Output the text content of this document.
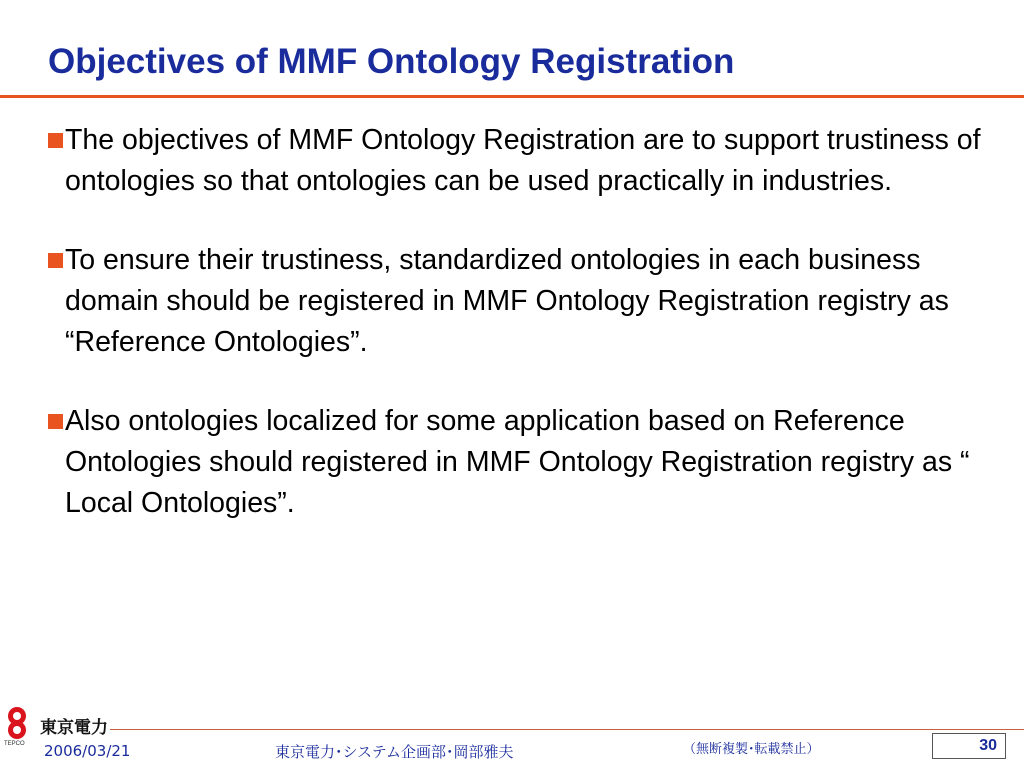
Objectives of MMF Ontology Registration
The objectives of MMF Ontology Registration are to support trustiness of ontologies so that ontologies can be used practically in industries.
To ensure their trustiness, standardized ontologies in each business domain should be registered in MMF Ontology Registration registry as “Reference Ontologies”.
Also ontologies localized for some application based on Reference Ontologies should registered in MMF Ontology Registration registry as “ Local Ontologies”.
東京電力
TEPCO 2006/03/21	東京電力･システム企画部･岡部雅夫	（無断複製･転載禁止）	30
